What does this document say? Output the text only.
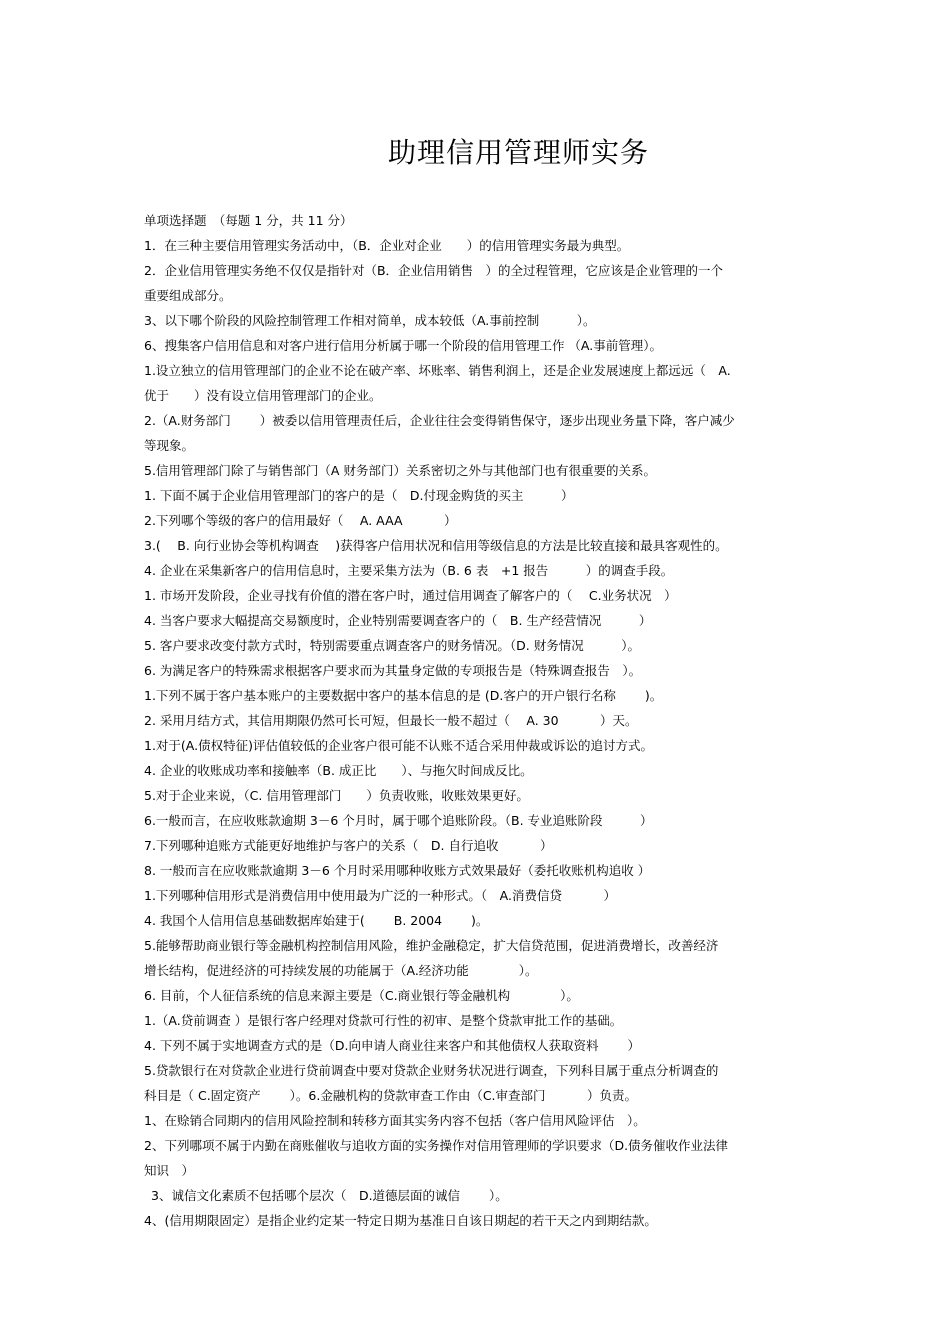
助理信用管理师实务
单项选择题　（每题 1 分，共 11 分）
1．在三种主要信用管理实务活动中，（B．企业对企业　　）的信用管理实务最为典型。
2．企业信用管理实务绝不仅仅是指针对（B．企业信用销售　）的全过程管理，它应该是企业管理的一个
重要组成部分。
3、以下哪个阶段的风险控制管理工作相对简单，成本较低（A.事前控制　　　）。
6、搜集客户信用信息和对客户进行信用分析属于哪一个阶段的信用管理工作 （A.事前管理）。
1.设立独立的信用管理部门的企业不论在破产率、坏账率、销售利润上，还是企业发展速度上都远远（　A.
优于　　）没有设立信用管理部门的企业。
2.（A.财务部门　　 ）被委以信用管理责任后，企业往往会变得销售保守，逐步出现业务量下降，客户减少
等现象。
5.信用管理部门除了与销售部门（A 财务部门）关系密切之外与其他部门也有很重要的关系。
1. 下面不属于企业信用管理部门的客户的是（　D.付现金购货的买主　　　）
2.下列哪个等级的客户的信用最好（　 A. AAA　　　 ）
3.(　 B. 向行业协会等机构调查　 )获得客户信用状况和信用等级信息的方法是比较直接和最具客观性的。
4. 企业在采集新客户的信用信息时，主要采集方法为（B. 6 表　+1 报告　　　）的调查手段。
1. 市场开发阶段，企业寻找有价值的潜在客户时，通过信用调查了解客户的（　 C.业务状况　）
4. 当客户要求大幅提高交易额度时，企业特别需要调查客户的（　B. 生产经营情况　　　）
5. 客户要求改变付款方式时，特别需要重点调查客户的财务情况。（D. 财务情况　　　）。
6. 为满足客户的特殊需求根据客户要求而为其量身定做的专项报告是（特殊调查报告　）。
1.下列不属于客户基本账户的主要数据中客户的基本信息的是 (D.客户的开户银行名称　　 )。
2. 采用月结方式，其信用期限仍然可长可短，但最长一般不超过（　 A. 30　　　 ）天。
1.对于(A.债权特征)评估值较低的企业客户很可能不认账不适合采用仲裁或诉讼的追讨方式。
4. 企业的收账成功率和接触率（B. 成正比　　）、与拖欠时间成反比。
5.对于企业来说，（C. 信用管理部门　　）负责收账，收账效果更好。
6.一般而言，在应收账款逾期 3－6 个月时，属于哪个追账阶段。（B. 专业追账阶段　　　）
7.下列哪种追账方式能更好地维护与客户的关系（　D. 自行追收　　　 ）
8. 一般而言在应收账款逾期 3－6 个月时采用哪种收账方式效果最好（委托收账机构追收 ）
1.下列哪种信用形式是消费信用中使用最为广泛的一种形式。（　A.消费信贷　　　 ）
4. 我国个人信用信息基础数据库始建于(　　 B. 2004　　 )。
5.能够帮助商业银行等金融机构控制信用风险，维护金融稳定，扩大信贷范围，促进消费增长，改善经济
增长结构，促进经济的可持续发展的功能属于（A.经济功能　　　　）。
6. 目前，个人征信系统的信息来源主要是（C.商业银行等金融机构　　　　）。
1.（A.贷前调查 ）是银行客户经理对贷款可行性的初审、是整个贷款审批工作的基础。
4. 下列不属于实地调查方式的是（D.向申请人商业往来客户和其他债权人获取资料　　 ）
5.贷款银行在对贷款企业进行贷前调查中要对贷款企业财务状况进行调查，下列科目属于重点分析调查的
科目是（ C.固定资产　　 ）。6.金融机构的贷款审查工作由（C.审查部门　　　 ）负责。
1、在赊销合同期内的信用风险控制和转移方面其实务内容不包括（客户信用风险评估　）。
2、下列哪项不属于内勤在商账催收与追收方面的实务操作对信用管理师的学识要求（D.债务催收作业法律
知识　）
3、诚信文化素质不包括哪个层次（　D.道德层面的诚信　　 ）。
4、(信用期限固定）是指企业约定某一特定日期为基准日自该日期起的若干天之内到期结款。
